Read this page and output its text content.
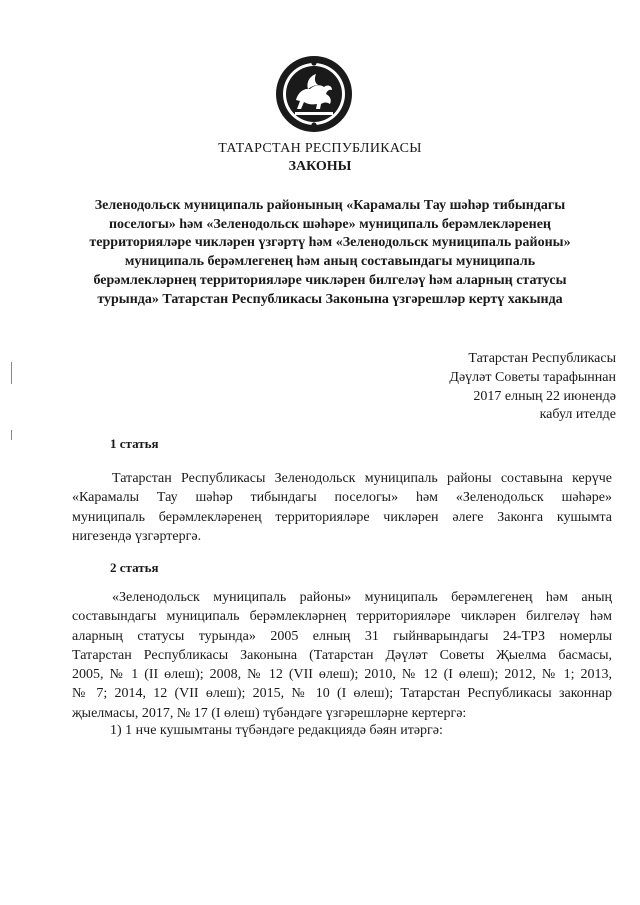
ТАТАРСТАН РЕСПУБЛИКАСЫ
ЗАКОНЫ
Зеленодольск муниципаль районының «Карамалы Тау шәһәр тибындагы
поселогы» һәм «Зеленодольск шәһәре» муниципаль берәмлекләренең
территорияләре чикләрен үзгәртү һәм «Зеленодольск муниципаль районы»
муниципаль берәмлегенең һәм аның составындагы муниципаль
берәмлекләрнең территорияләре чикләрен билгеләү һәм аларның статусы
турында» Татарстан Республикасы Законына үзгәрешләр кертү хакында
Татарстан Республикасы
Дәүләт Советы тарафыннан
2017 елның 22 июнендә
кабул ителде
1 статья
Татарстан Республикасы Зеленодольск муниципаль районы составына керүче
«Карамалы Тау шәһәр тибындагы поселогы» һәм «Зеленодольск шәһәре»
муниципаль берәмлекләренең территорияләре чикләрен әлеге Законга кушымта
нигезендә үзгәртергә.
2 статья
«Зеленодольск муниципаль районы» муниципаль берәмлегенең һәм аның
составындагы муниципаль берәмлекләрнең территорияләре чикләрен билгеләү һәм
аларның статусы турында» 2005 елның 31 гыйнварындагы 24-ТРЗ номерлы
Татарстан Республикасы Законына (Татарстан Дәүләт Советы Җыелма басмасы,
2005, № 1 (II өлеш); 2008, № 12 (VII өлеш); 2010, № 12 (I өлеш); 2012, № 1; 2013,
№ 7; 2014, 12 (VII өлеш); 2015, № 10 (I өлеш); Татарстан Республикасы законнар
җыелмасы, 2017, № 17 (I өлеш) түбәндәге үзгәрешләрне кертергә:
1) 1 нче кушымтаны түбәндәге редакциядә бәян итәргә:
